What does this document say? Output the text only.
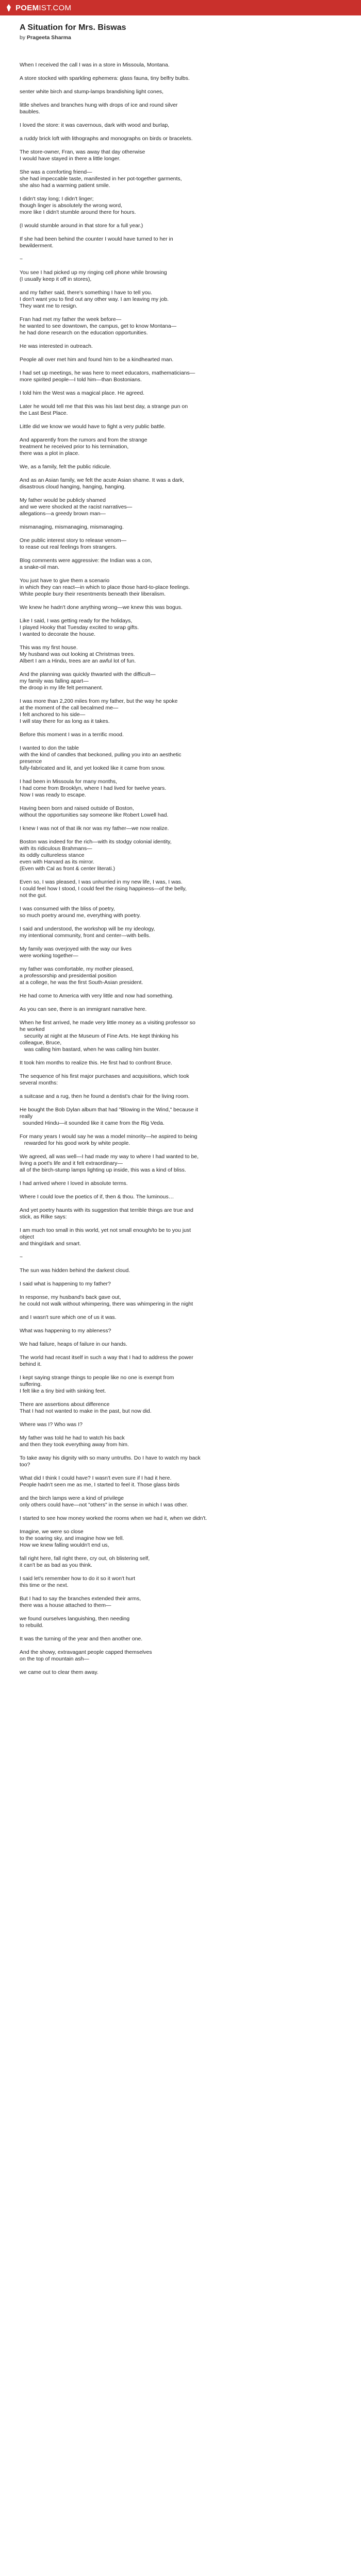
POEMIST.COM
A Situation for Mrs. Biswas
by Prageeta Sharma
When I received the call I was in a store in Missoula, Montana.
A store stocked with sparkling ephemera: glass fauna, tiny belfry bulbs.
senter white birch and stump-lamps brandishing light cones,
little shelves and branches hung with drops of ice and round silver
baubles.
I loved the store: it was cavernous, dark with wood and burlap,
a ruddy brick loft with lithographs and monographs on birds or bracelets.
The store-owner, Fran, was away that day otherwise
I would have stayed in there a little longer.
She was a comforting friend—
she had impeccable taste, manifested in her pot-together garments,
she also had a warming patient smile.
I didn't stay long; I didn't linger;
though linger is absolutely the wrong word,
more like I didn't stumble around there for hours.
(I would stumble around in that store for a full year.)
If she had been behind the counter I would have turned to her in
bewilderment.
~
You see I had picked up my ringing cell phone while browsing
(I usually keep it off in stores),
and my father said, there's something I have to tell you.
I don't want you to find out any other way. I am leaving my job.
They want me to resign.
Fran had met my father the week before—
he wanted to see downtown, the campus, get to know Montana—
he had done research on the education opportunities.
He was interested in outreach.
People all over met him and found him to be a kindhearted man.
I had set up meetings, he was here to meet educators, mathematicians—
more spirited people—I told him—than Bostonians.
I told him the West was a magical place. He agreed.
Later he would tell me that this was his last best day, a strange pun on
the Last Best Place.
Little did we know we would have to fight a very public battle.
And apparently from the rumors and from the strange
treatment he received prior to his termination,
there was a plot in place.
We, as a family, felt the public ridicule.
And as an Asian family, we felt the acute Asian shame. It was a dark,
disastrous cloud hanging, hanging, hanging.
My father would be publicly shamed
and we were shocked at the racist narratives—
allegations—a greedy brown man—
mismanaging, mismanaging, mismanaging.
One public interest story to release venom—
to rease out real feelings from strangers.
Blog comments were aggressive: the Indian was a con,
a snake-oil man.
You just have to give them a scenario
in which they can react—in which to place those hard-to-place feelings.
White people bury their resentments beneath their liberalism.
We knew he hadn't done anything wrong—we knew this was bogus.
Like I said, I was getting ready for the holidays,
I played Hooky that Tuesday excited to wrap gifts.
I wanted to decorate the house.
This was my first house.
My husband was out looking at Christmas trees.
Albert I am a Hindu, trees are an awful lot of fun.
And the planning was quickly thwarted with the difficult—
my family was falling apart—
the droop in my life felt permanent.
I was more than 2,200 miles from my father, but the way he spoke
at the moment of the call becalmed me—
I felt anchored to his side—
I will stay there for as long as it takes.
Before this moment I was in a terrific mood.
I wanted to don the table
with the kind of candles that beckoned, pulling you into an aesthetic
presence
fully-fabricated and lit, and yet looked like it came from snow.
I had been in Missoula for many months,
I had come from Brooklyn, where I had lived for twelve years.
Now I was ready to escape.
Having been born and raised outside of Boston,
without the opportunities say someone like Robert Lowell had.
I knew I was not of that ilk nor was my father—we now realize.
Boston was indeed for the rich—with its stodgy colonial identity,
with its ridiculous Brahmans—
its oddly cultureless stance
even with Harvard as its mirror.
(Even with Cal as front & center literati.)
Even so, I was pleased, I was unhurried in my new life, I was, I was.
I could feel how I stood, I could feel the rising happiness—of the belly,
not the gut.
I was consumed with the bliss of poetry,
so much poetry around me, everything with poetry.
I said and understood, the workshop will be my ideology,
my intentional community, front and center—with bells.
My family was overjoyed with the way our lives
were working together—
my father was comfortable, my mother pleased,
a professorship and presidential position
at a college, he was the first South-Asian president.
He had come to America with very little and now had something.
As you can see, there is an immigrant narrative here.
When he first arrived, he made very little money as a visiting professor so
he worked
security at night at the Museum of Fine Arts. He kept thinking his
colleague, Bruce,
was calling him bastard, when he was calling him buster.
It took him months to realize this. He first had to confront Bruce.
The sequence of his first major purchases and acquisitions, which took
several months:
a suitcase and a rug, then he found a dentist's chair for the living room.
He bought the Bob Dylan album that had "Blowing in the Wind," because it
really
sounded Hindu—it sounded like it came from the Rig Veda.
For many years I would say he was a model minority—he aspired to being
rewarded for his good work by white people.
We agreed, all was well—I had made my way to where I had wanted to be,
living a poet's life and it felt extraordinary—
all of the birch-stump lamps lighting up inside, this was a kind of bliss.
I had arrived where I loved in absolute terms.
Where I could love the poetics of if, then & thou. The luminous…
And yet poetry haunts with its suggestion that terrible things are true and
stick, as Rilke says:
I am much too small in this world, yet not small enough/to be to you just
object
and thing/dark and smart.
~
The sun was hidden behind the darkest cloud.
I said what is happening to my father?
In response, my husband's back gave out,
he could not walk without whimpering, there was whimpering in the night
and I wasn't sure which one of us it was.
What was happening to my ableness?
We had failure, heaps of failure in our hands.
The world had recast itself in such a way that I had to address the power
behind it.
I kept saying strange things to people like no one is exempt from
suffering.
I felt like a tiny bird with sinking feet.
There are assertions about difference
That I had not wanted to make in the past, but now did.
Where was I? Who was I?
My father was told he had to watch his back
and then they took everything away from him.
To take away his dignity with so many untruths. Do I have to watch my back
too?
What did I think I could have? I wasn't even sure if I had it here.
People hadn't seen me as me, I started to feel it. Those glass birds
and the birch lamps were a kind of privilege
only others could have—not "others" in the sense in which I was other.
I started to see how money worked the rooms when we had it, when we didn't.
Imagine, we were so close
to the soaring sky, and imagine how we fell.
How we knew falling wouldn't end us,
fall right here, fall right there, cry out, oh blistering self,
it can't be as bad as you think.
I said let's remember how to do it so it won't hurt
this time or the next.
But I had to say the branches extended their arms,
there was a house attached to them—
we found ourselves languishing, then needing
to rebuild.
It was the turning of the year and then another one.
And the showy, extravagant people capped themselves
on the top of mountain ash—
we came out to clear them away.
